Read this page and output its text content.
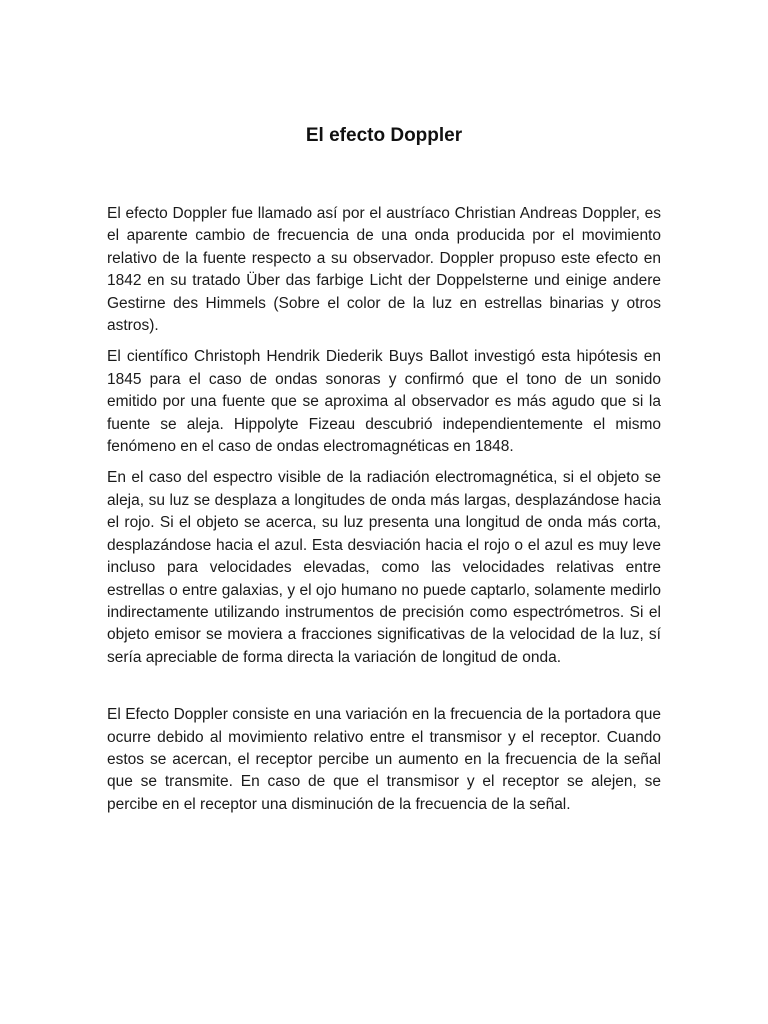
El efecto Doppler

El efecto Doppler fue llamado así por el austríaco Christian Andreas Doppler, es el aparente cambio de frecuencia de una onda producida por el movimiento relativo de la fuente respecto a su observador. Doppler propuso este efecto en 1842 en su tratado Über das farbige Licht der Doppelsterne und einige andere Gestirne des Himmels (Sobre el color de la luz en estrellas binarias y otros astros).

El científico Christoph Hendrik Diederik Buys Ballot investigó esta hipótesis en 1845 para el caso de ondas sonoras y confirmó que el tono de un sonido emitido por una fuente que se aproxima al observador es más agudo que si la fuente se aleja. Hippolyte Fizeau descubrió independientemente el mismo fenómeno en el caso de ondas electromagnéticas en 1848.

En el caso del espectro visible de la radiación electromagnética, si el objeto se aleja, su luz se desplaza a longitudes de onda más largas, desplazándose hacia el rojo. Si el objeto se acerca, su luz presenta una longitud de onda más corta, desplazándose hacia el azul. Esta desviación hacia el rojo o el azul es muy leve incluso para velocidades elevadas, como las velocidades relativas entre estrellas o entre galaxias, y el ojo humano no puede captarlo, solamente medirlo indirectamente utilizando instrumentos de precisión como espectrómetros. Si el objeto emisor se moviera a fracciones significativas de la velocidad de la luz, sí sería apreciable de forma directa la variación de longitud de onda.

El Efecto Doppler consiste en una variación en la frecuencia de la portadora que ocurre debido al movimiento relativo entre el transmisor y el receptor. Cuando estos se acercan, el receptor percibe un aumento en la frecuencia de la señal que se transmite. En caso de que el transmisor y el receptor se alejen, se percibe en el receptor una disminución de la frecuencia de la señal.
